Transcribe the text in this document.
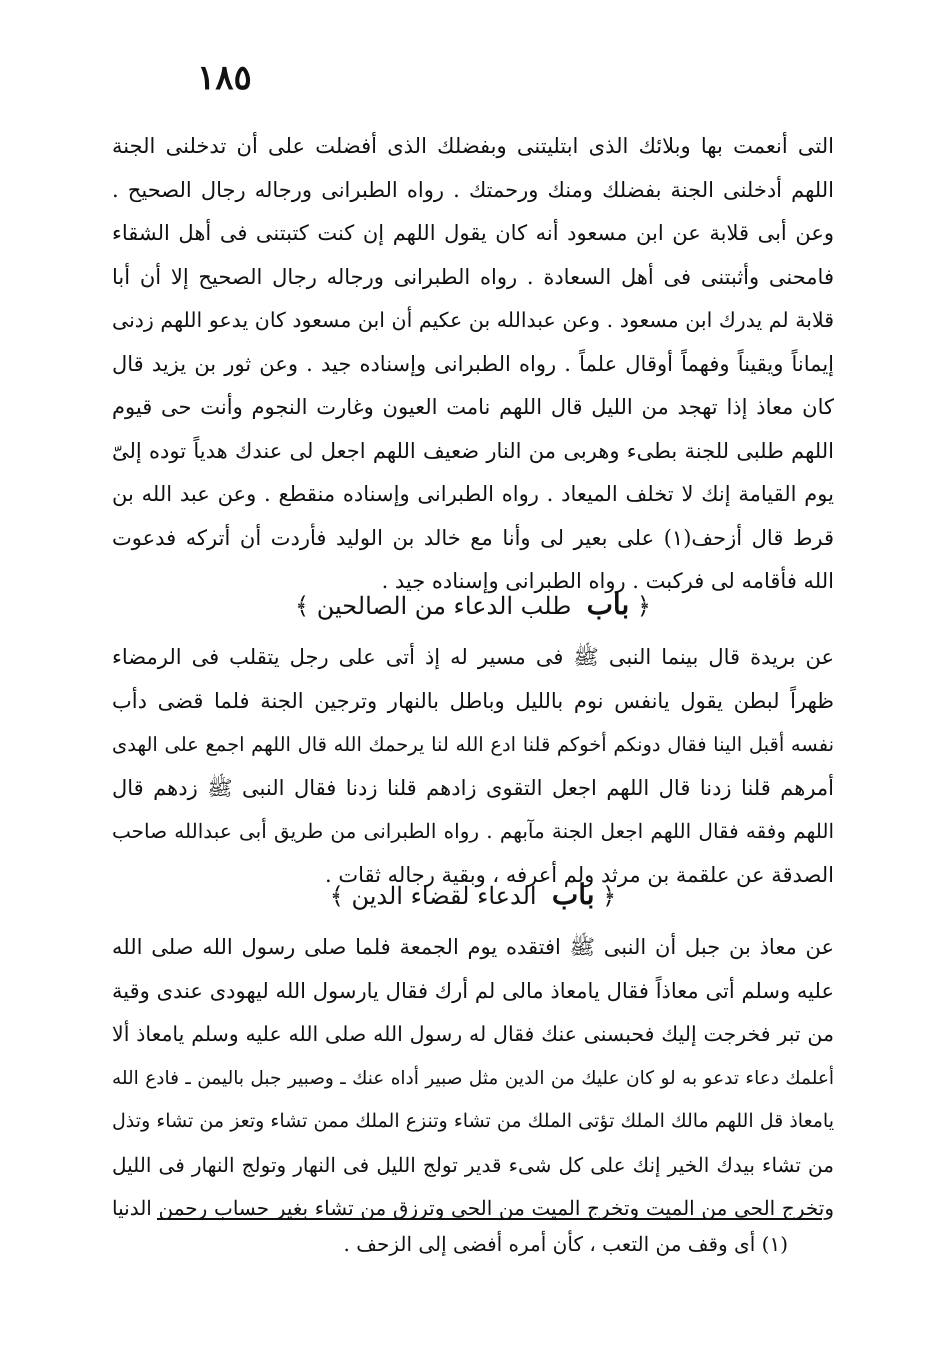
١٨٥
التى أنعمت بها وبلائك الذى ابتليتنى وبفضلك الذى أفضلت على أن تدخلنى الجنة
اللهم أدخلنى الجنة بفضلك ومنك ورحمتك . رواه الطبرانى ورجاله رجال الصحيح .
وعن أبى قلابة عن ابن مسعود أنه كان يقول اللهم إن كنت كتبتنى فى أهل الشقاء
فامحنى وأثبتنى فى أهل السعادة . رواه الطبرانى ورجاله رجال الصحيح إلا أن أبا
قلابة لم يدرك ابن مسعود . وعن عبدالله بن عكيم أن ابن مسعود كان يدعو اللهم زدنى
إيماناً ويقيناً وفهماً أوقال علماً . رواه الطبرانى وإسناده جيد . وعن ثور بن يزيد قال
كان معاذ إذا تهجد من الليل قال اللهم نامت العيون وغارت النجوم وأنت حى قيوم
اللهم طلبى للجنة بطىء وهربى من النار ضعيف اللهم اجعل لى عندك هدياً توده إلىّ
يوم القيامة إنك لا تخلف الميعاد . رواه الطبرانى وإسناده منقطع . وعن عبد الله بن
قرط قال أزحف(١) على بعير لى وأنا مع خالد بن الوليد فأردت أن أتركه فدعوت
الله فأقامه لى فركبت . رواه الطبرانى وإسناده جيد .
﴿ باب  طلب الدعاء من الصالحين ﴾
عن بريدة قال بينما النبى ﷺ فى مسير له إذ أتى على رجل يتقلب فى الرمضاء
ظهراً لبطن يقول يانفس نوم بالليل وباطل بالنهار وترجين الجنة فلما قضى دأب
نفسه أقبل الينا فقال دونكم أخوكم قلنا ادع الله لنا يرحمك الله قال اللهم اجمع على الهدى
أمرهم قلنا زدنا قال اللهم اجعل التقوى زادهم قلنا زدنا فقال النبى ﷺ زدهم قال
اللهم وفقه فقال اللهم اجعل الجنة مآبهم . رواه الطبرانى من طريق أبى عبدالله صاحب
الصدقة عن علقمة بن مرثد ولم أعرفه ، وبقية رجاله ثقات .
﴿ باب  الدعاء لقضاء الدين ﴾
عن معاذ بن جبل أن النبى ﷺ افتقده يوم الجمعة فلما صلى رسول الله صلى الله
عليه وسلم أتى معاذاً فقال يامعاذ مالى لم أرك فقال يارسول الله ليهودى عندى وقية
من تبر فخرجت إليك فحبسنى عنك فقال له رسول الله صلى الله عليه وسلم يامعاذ ألا
أعلمك دعاء تدعو به لو كان عليك من الدين مثل صبير أداه عنك ـ وصبير جبل باليمن ـ فادع الله
يامعاذ قل اللهم مالك الملك تؤتى الملك من تشاء وتنزع الملك ممن تشاء وتعز من تشاء وتذل
من تشاء بيدك الخير إنك على كل شىء قدير تولج الليل فى النهار وتولج النهار فى الليل
وتخرج الحى من الميت وتخرج الميت من الحى وترزق من تشاء بغير حساب رحمن الدنيا
(١) أى وقف من التعب ، كأن أمره أفضى إلى الزحف .
